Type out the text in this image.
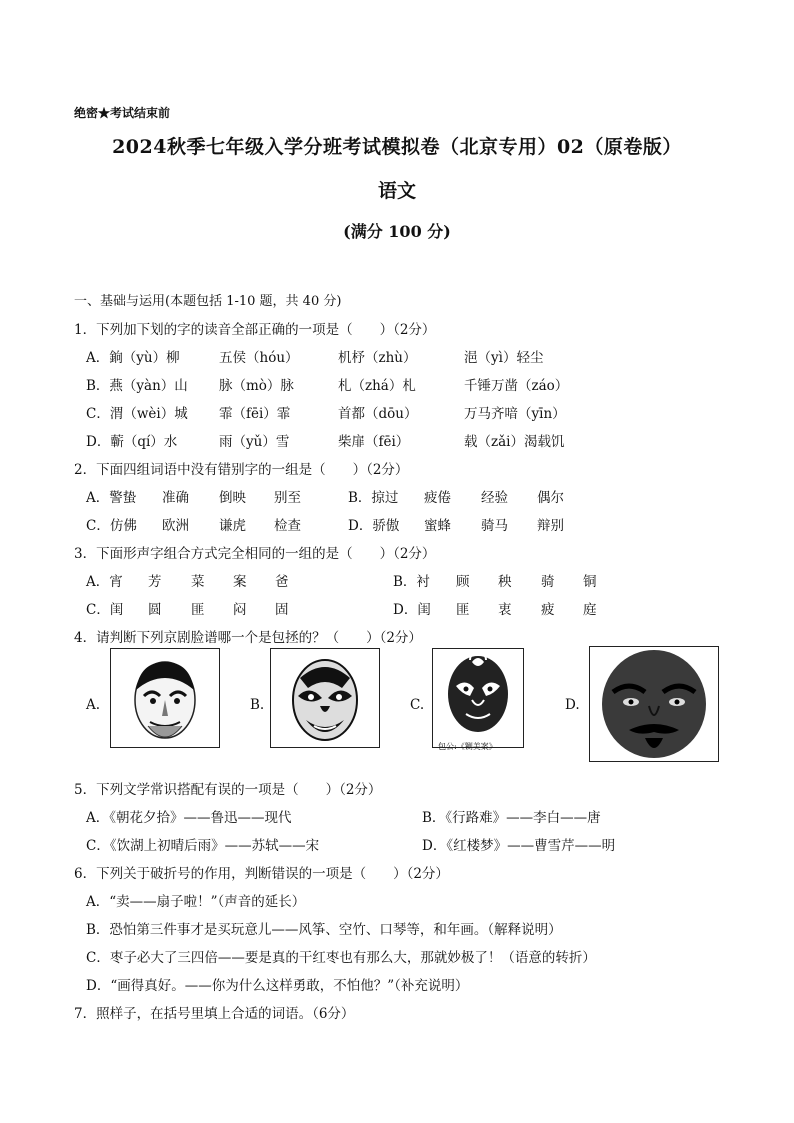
绝密★考试结束前
2024秋季七年级入学分班考试模拟卷（北京专用）02（原卷版）
语文
(满分 100 分)
一、基础与运用(本题包括 1-10 题，共 40 分)
1．下列加下划的字的读音全部正确的一项是（　　）（2分）
A．銄（yù）柳	五侯（hóu）	机杼（zhù）	浥（yì）轻尘
B．燕（yàn）山 脉（mò）脉	札（zhá）札	千锤万凿（záo）
C．渭（wèi）城 霏（fēi）霏	首都（dōu）	万马齐喑（yīn）
D．蘄（qí）水	雨（yǔ）雪	柴扉（fēi）	载（zǎi）渴载饥
2．下面四组词语中没有错别字的一组是（　　）（2分）
A．警蛰 准确 倒映 别至	B．掠过 疲倦 经验 偶尔
C．仿佛 欧洲 谦虎 检查	D．骄傲 蜜蜂 骑马 辩别
3．下面形声字组合方式完全相同的一组的是（　　）（2分）
A．宵 芳 菜 案 爸	B．衬 顾 秧 骑 铜
C．闺 圆 匪 闷 固	D．闺 匪 衷 疲 庭
4．请判断下列京剧脸谱哪一个是包拯的？（　　）（2分）
A.	B.	C.
包公:《铡美案》
D.
5．下列文学常识搭配有误的一项是（　　）（2分）
A．《朝花夕拾》——鲁迅——现代	B．《行路难》——李白——唐
C．《饮湖上初晴后雨》——苏轼——宋	D．《红楼梦》——曹雪芹——明
6．下列关于破折号的作用，判断错误的一项是（　　）（2分）
A．“卖——扇子啦！”（声音的延长）
B．恐怕第三件事才是买玩意儿——风筝、空竹、口琴等，和年画。（解释说明）
C．枣子必大了三四倍——要是真的干红枣也有那么大，那就妙极了！（语意的转折）
D．“画得真好。——你为什么这样勇敢，不怕他？”（补充说明）
7．照样子，在括号里填上合适的词语。（6分）
